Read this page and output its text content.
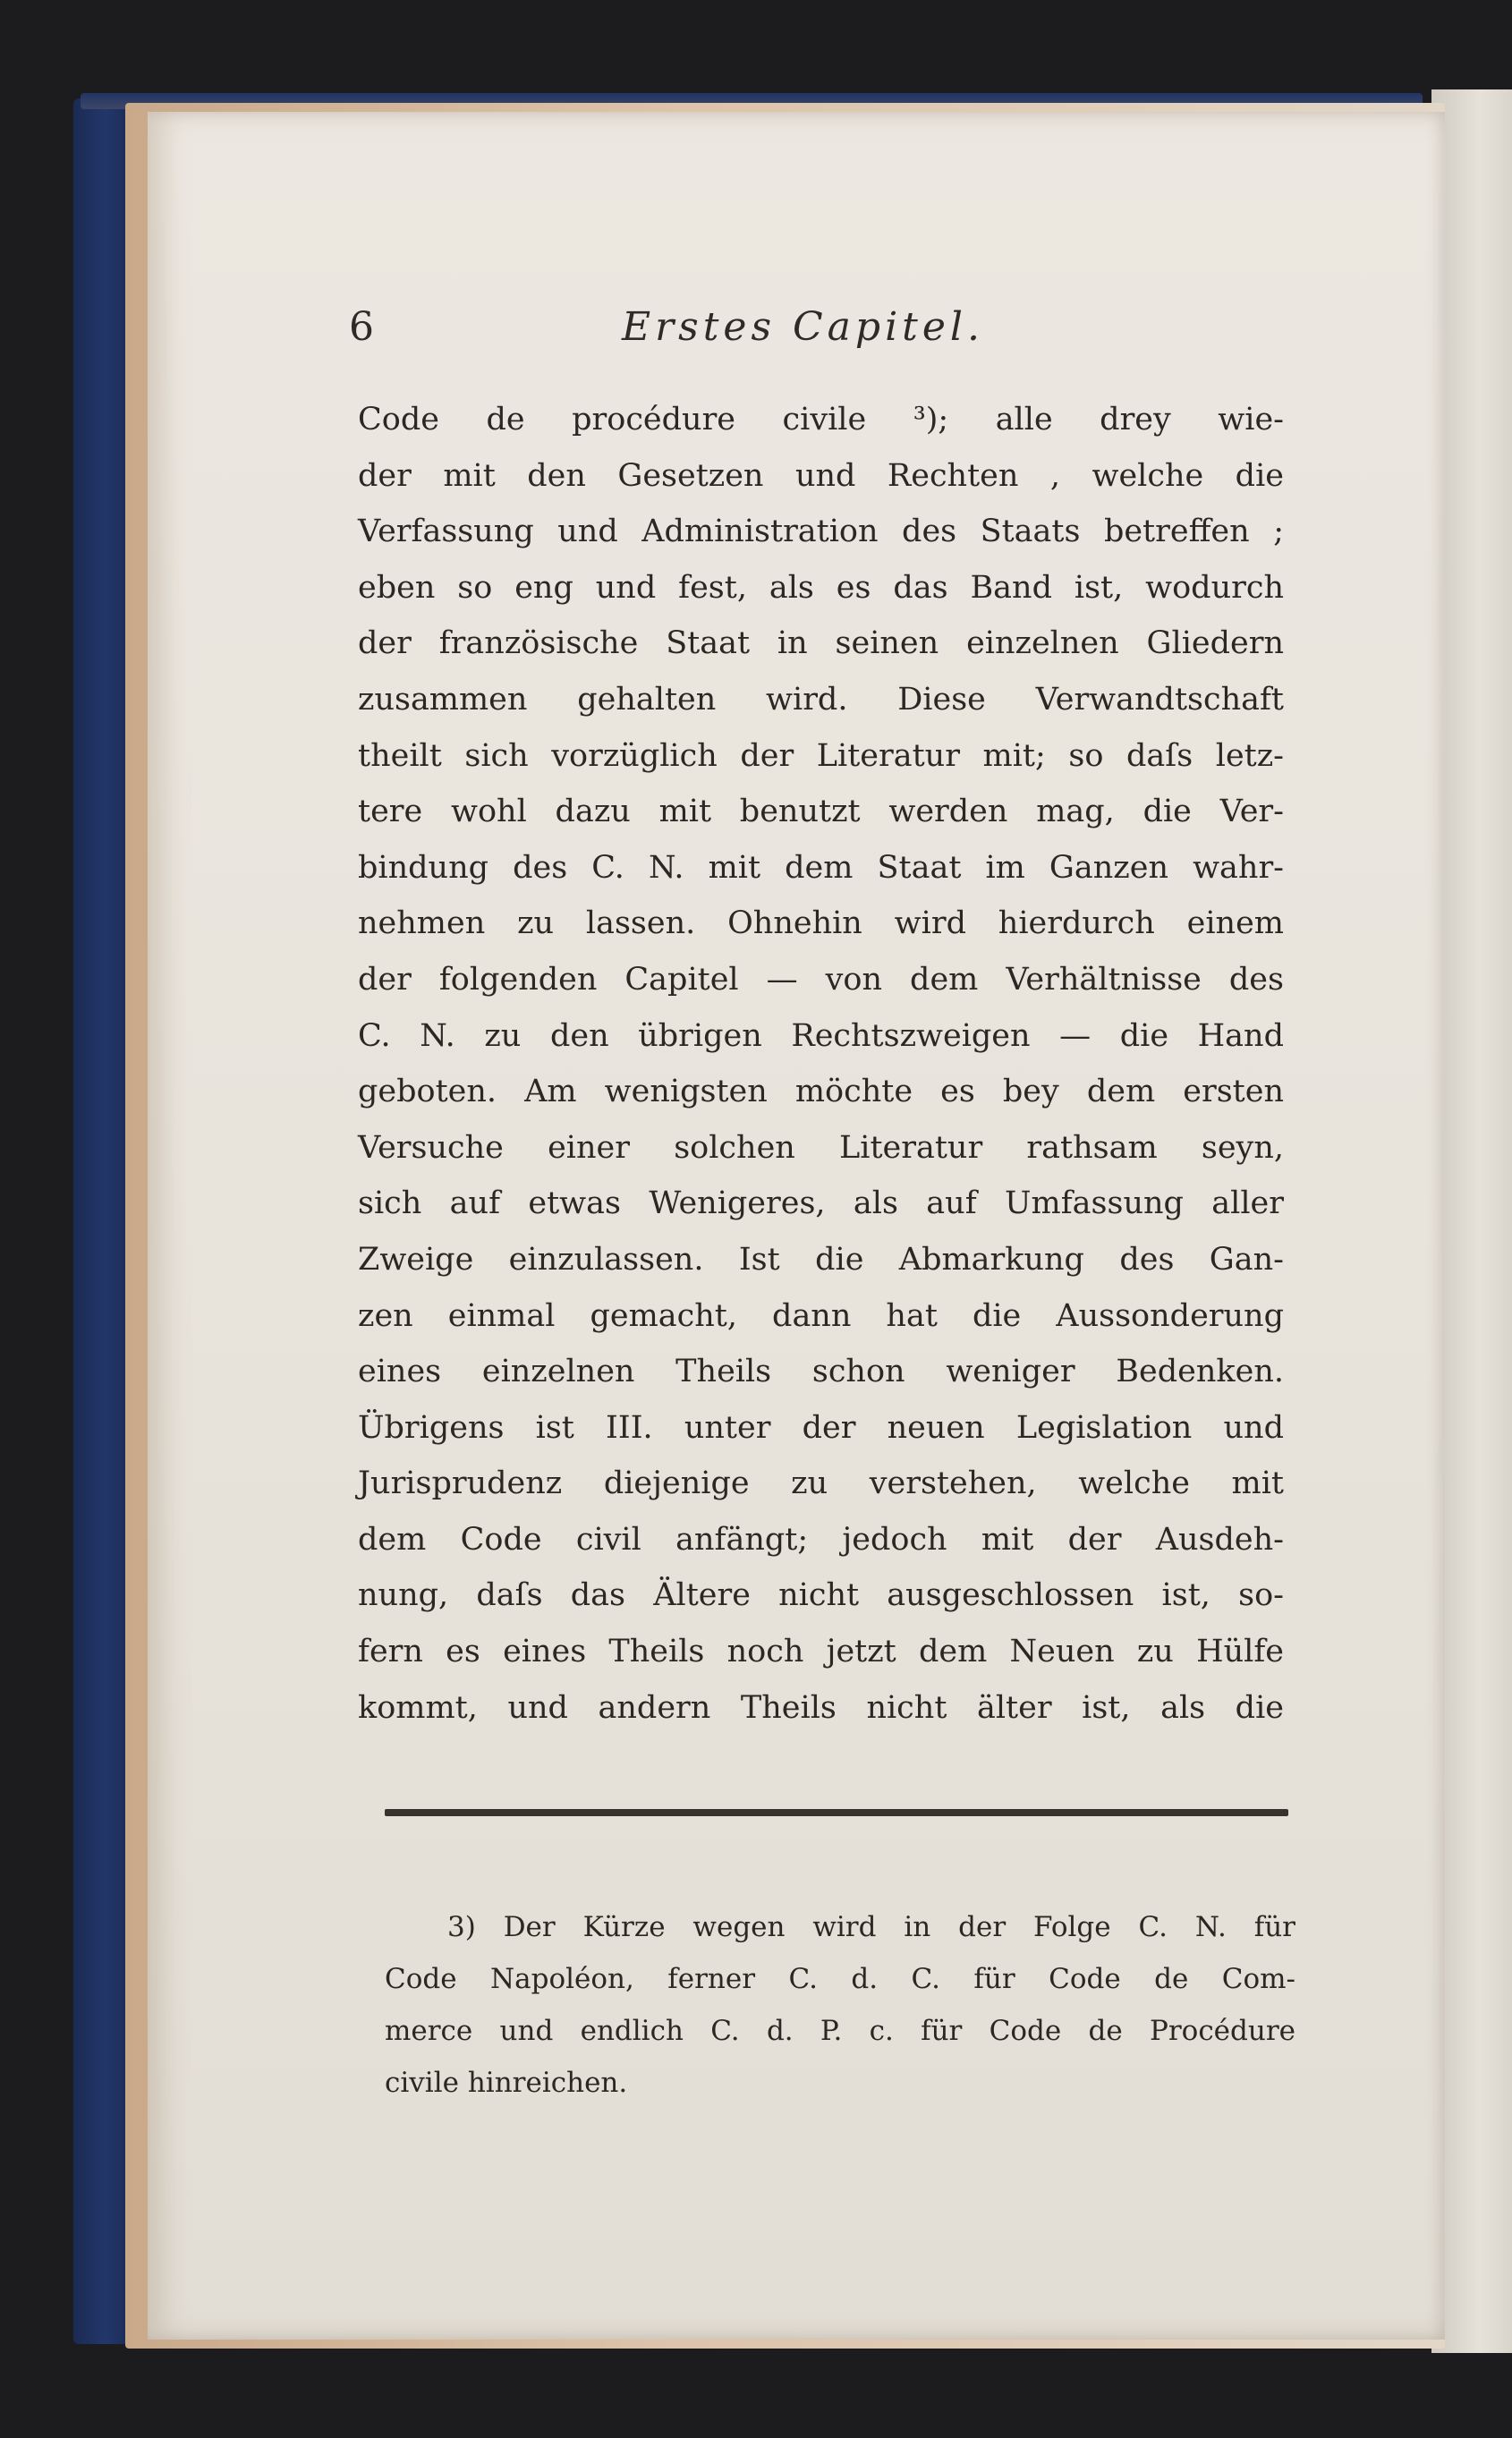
6	Erstes Capitel.
Code de procédure civile ³); alle drey wie-
der mit den Gesetzen und Rechten , welche die
Verfassung und Administration des Staats betreffen ;
eben so eng und fest, als es das Band ist, wodurch
der französische Staat in seinen einzelnen Gliedern
zusammen gehalten wird. Diese Verwandtschaft
theilt sich vorzüglich der Literatur mit; so daſs letz-
tere wohl dazu mit benutzt werden mag, die Ver-
bindung des C. N. mit dem Staat im Ganzen wahr-
nehmen zu lassen. Ohnehin wird hierdurch einem
der folgenden Capitel — von dem Verhältnisse des
C. N. zu den übrigen Rechtszweigen — die Hand
geboten. Am wenigsten möchte es bey dem ersten
Versuche einer solchen Literatur rathsam seyn,
sich auf etwas Wenigeres, als auf Umfassung aller
Zweige einzulassen. Ist die Abmarkung des Gan-
zen einmal gemacht, dann hat die Aussonderung
eines einzelnen Theils schon weniger Bedenken.
Übrigens ist III. unter der neuen Legislation und
Jurisprudenz diejenige zu verstehen, welche mit
dem Code civil anfängt; jedoch mit der Ausdeh-
nung, daſs das Ältere nicht ausgeschlossen ist, so-
fern es eines Theils noch jetzt dem Neuen zu Hülfe
kommt, und andern Theils nicht älter ist, als die
3) Der Kürze wegen wird in der Folge C. N. für
Code Napoléon, ferner C. d. C. für Code de Com-
merce und endlich C. d. P. c. für Code de Procédure
civile hinreichen.
